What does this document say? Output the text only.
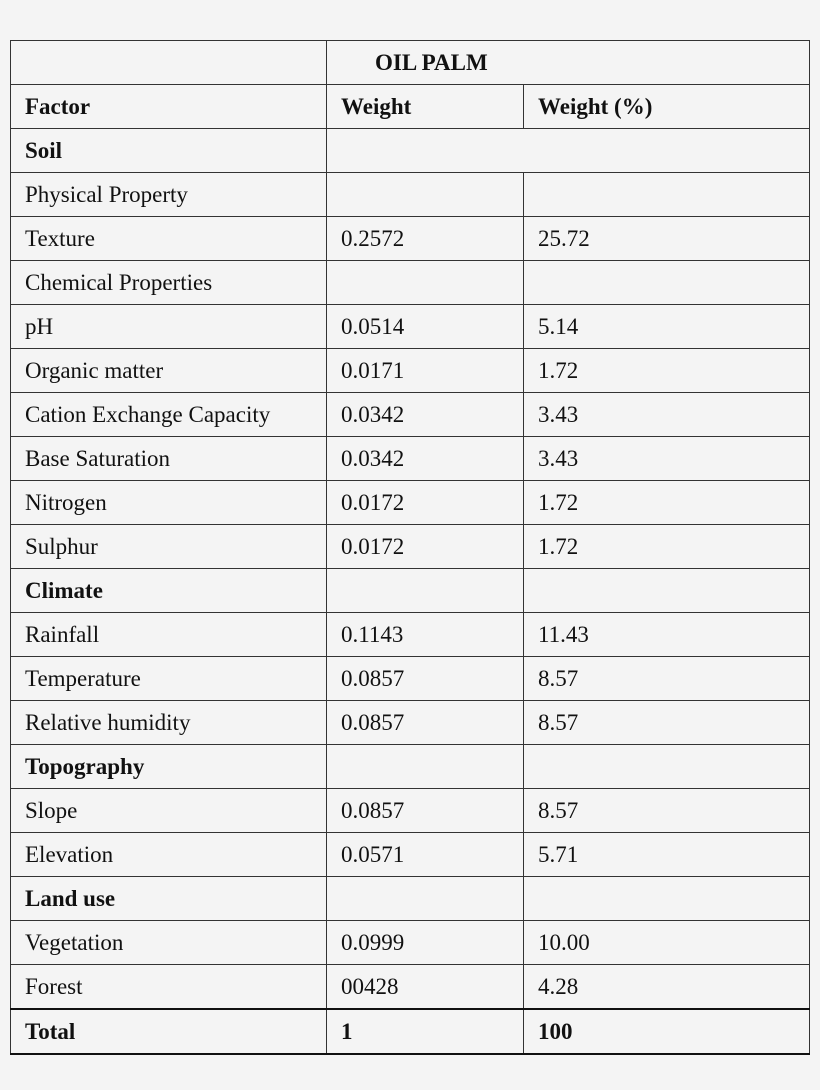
	OIL PALM	
Factor	Weight	Weight (%)
Soil		
Physical Property		
Texture	0.2572	25.72
Chemical Properties		
pH	0.0514	5.14
Organic matter	0.0171	1.72
Cation Exchange Capacity	0.0342	3.43
Base Saturation	0.0342	3.43
Nitrogen	0.0172	1.72
Sulphur	0.0172	1.72
Climate		
Rainfall	0.1143	11.43
Temperature	0.0857	8.57
Relative humidity	0.0857	8.57
Topography		
Slope	0.0857	8.57
Elevation	0.0571	5.71
Land use		
Vegetation	0.0999	10.00
Forest	00428	4.28
Total	1	100
